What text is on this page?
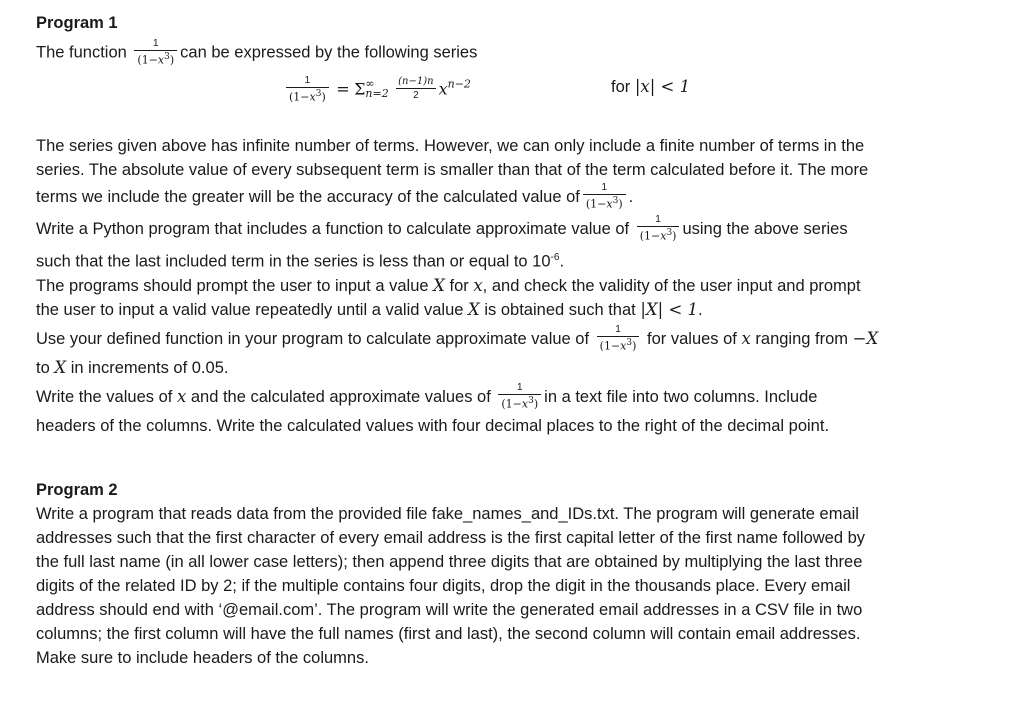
Program 1
The function $\frac{1}{(1-x^3)}$ can be expressed by the following series
$\frac{1}{(1-x^3)} = \Sigma$ ∞
n=2
$\frac{(n-1)n}{2} x^{n-2}$	for |x| < 1
The series given above has infinite number of terms. However, we can only include a finite number of terms in the
series. The absolute value of every subsequent term is smaller than that of the term calculated before it. The more
terms we include the greater will be the accuracy of the calculated value of $\frac{1}{(1-x^3)}$ .
Write a Python program that includes a function to calculate approximate value of $\frac{1}{(1-x^3)}$ using the above series
such that the last included term in the series is less than or equal to $10^{-6}$.
The programs should prompt the user to input a value X for x, and check the validity of the user input and prompt
the user to input a valid value repeatedly until a valid value X is obtained such that |X| < 1.
Use your defined function in your program to calculate approximate value of $\frac{1}{(1-x^3)}$ for values of x ranging from −X
to X in increments of 0.05.
Write the values of x and the calculated approximate values of $\frac{1}{(1-x^3)}$ in a text file into two columns. Include
headers of the columns. Write the calculated values with four decimal places to the right of the decimal point.
Program 2
Write a program that reads data from the provided file fake_names_and_IDs.txt. The program will generate email
addresses such that the first character of every email address is the first capital letter of the first name followed by
the full last name (in all lower case letters); then append three digits that are obtained by multiplying the last three
digits of the related ID by 2; if the multiple contains four digits, drop the digit in the thousands place. Every email
address should end with ‘@email.com’. The program will write the generated email addresses in a CSV file in two
columns; the first column will have the full names (first and last), the second column will contain email addresses.
Make sure to include headers of the columns.
